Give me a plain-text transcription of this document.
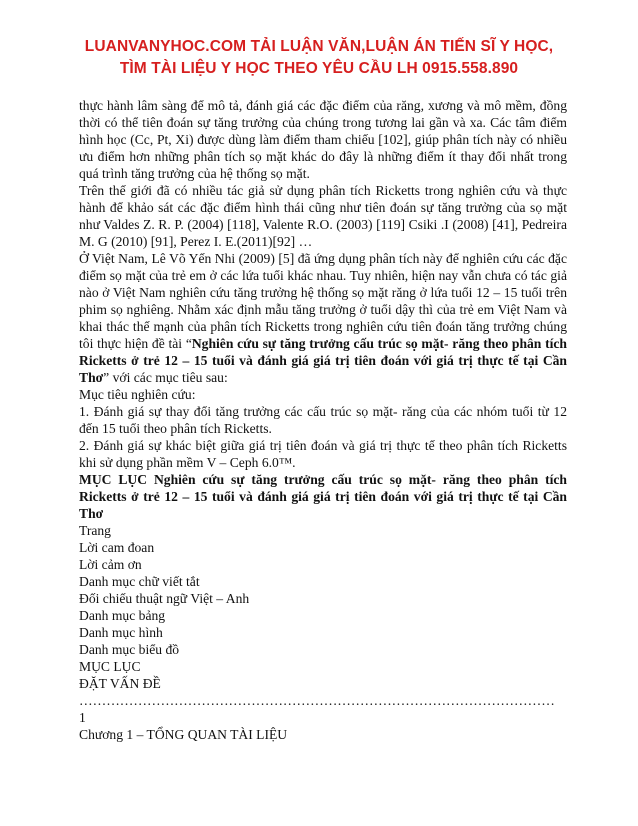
LUANVANYHOC.COM TẢI LUẬN VĂN,LUẬN ÁN TIẾN SĨ Y HỌC,
TÌM TÀI LIỆU Y HỌC THEO YÊU CẦU LH 0915.558.890

thực hành lâm sàng để mô tả, đánh giá các đặc điểm của răng, xương và mô mềm, đồng thời có thể tiên đoán sự tăng trưởng của chúng trong tương lai gần và xa. Các tâm điểm hình học (Cc, Pt, Xi) được dùng làm điểm tham chiếu [102], giúp phân tích này có nhiều ưu điểm hơn những phân tích sọ mặt khác do đây là những điểm ít thay đổi nhất trong quá trình tăng trưởng của hệ thống sọ mặt.

Trên thế giới đã có nhiều tác giả sử dụng phân tích Ricketts trong nghiên cứu và thực hành để khảo sát các đặc điểm hình thái cũng như tiên đoán sự tăng trưởng của sọ mặt như Valdes Z. R. P. (2004) [118], Valente R.O. (2003) [119] Csiki .I (2008) [41], Pedreira M. G (2010) [91], Perez I. E.(2011)[92] …

Ở Việt Nam, Lê Võ Yến Nhi (2009) [5] đã ứng dụng phân tích này để nghiên cứu các đặc điểm sọ mặt của trẻ em ở các lứa tuổi khác nhau. Tuy nhiên, hiện nay vẫn chưa có tác giả nào ở Việt Nam nghiên cứu tăng trưởng hệ thống sọ mặt răng ở lứa tuổi 12 – 15 tuổi trên phim sọ nghiêng. Nhằm xác định mẫu tăng trưởng ở tuổi dậy thì của trẻ em Việt Nam và khai thác thế mạnh của phân tích Ricketts trong nghiên cứu tiên đoán tăng trưởng chúng tôi thực hiện đề tài “Nghiên cứu sự tăng trưởng cấu trúc sọ mặt- răng theo phân tích Ricketts ở trẻ 12 – 15 tuổi và đánh giá giá trị tiên đoán với giá trị thực tế tại Cần Thơ” với các mục tiêu sau:

Mục tiêu nghiên cứu:

1. Đánh giá sự thay đổi tăng trưởng các cấu trúc sọ mặt- răng của các nhóm tuổi từ 12 đến 15 tuổi theo phân tích Ricketts.

2. Đánh giá sự khác biệt giữa giá trị tiên đoán và giá trị thực tế theo phân tích Ricketts khi sử dụng phần mềm V – Ceph 6.0™.

MỤC LỤC Nghiên cứu sự tăng trưởng cấu trúc sọ mặt- răng theo phân tích Ricketts ở trẻ 12 – 15 tuổi và đánh giá giá trị tiên đoán với giá trị thực tế tại Cần Thơ

Trang

Lời cam đoan

Lời cảm ơn

Danh mục chữ viết tắt

Đối chiếu thuật ngữ Việt – Anh

Danh mục bảng

Danh mục hình

Danh mục biểu đồ

MỤC LỤC

ĐẶT VẤN ĐỀ

……………………………………………………………………………………………

1

Chương 1 – TỔNG QUAN TÀI LIỆU
